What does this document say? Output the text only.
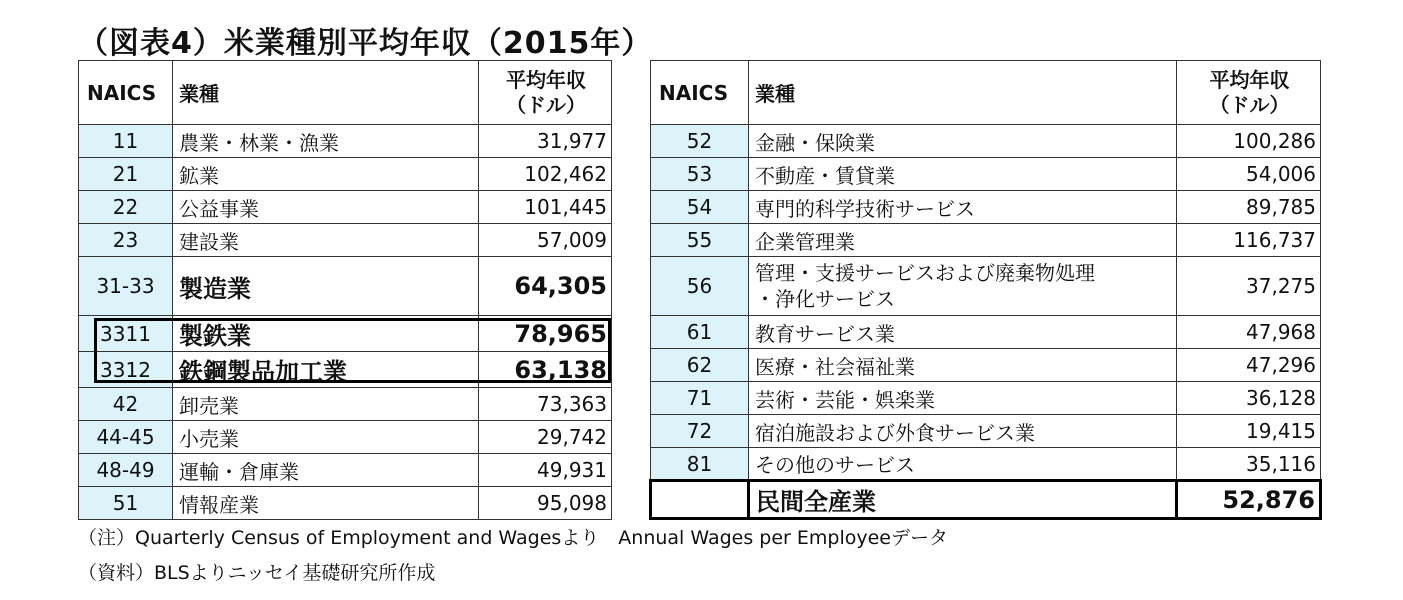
（図表4）米業種別平均年収（2015年）
NAICS	業種	平均年収
（ドル）
11	農業・林業・漁業	31,977
21	鉱業	102,462
22	公益事業	101,445
23	建設業	57,009
31-33	製造業	64,305
3311	製鉄業	78,965
3312	鉄鋼製品加工業	63,138
42	卸売業	73,363
44-45	小売業	29,742
48-49	運輸・倉庫業	49,931
51	情報産業	95,098
NAICS	業種	平均年収
（ドル）
52	金融・保険業	100,286
53	不動産・賃貸業	54,006
54	専門的科学技術サービス	89,785
55	企業管理業	116,737
56	管理・支援サービスおよび廃棄物処理
・浄化サービス	37,275
61	教育サービス業	47,968
62	医療・社会福祉業	47,296
71	芸術・芸能・娯楽業	36,128
72	宿泊施設および外食サービス業	19,415
81	その他のサービス	35,116
	民間全産業	52,876
（注）Quarterly Census of Employment and Wagesより　Annual Wages per Employeeデータ
（資料）BLSよりニッセイ基礎研究所作成
